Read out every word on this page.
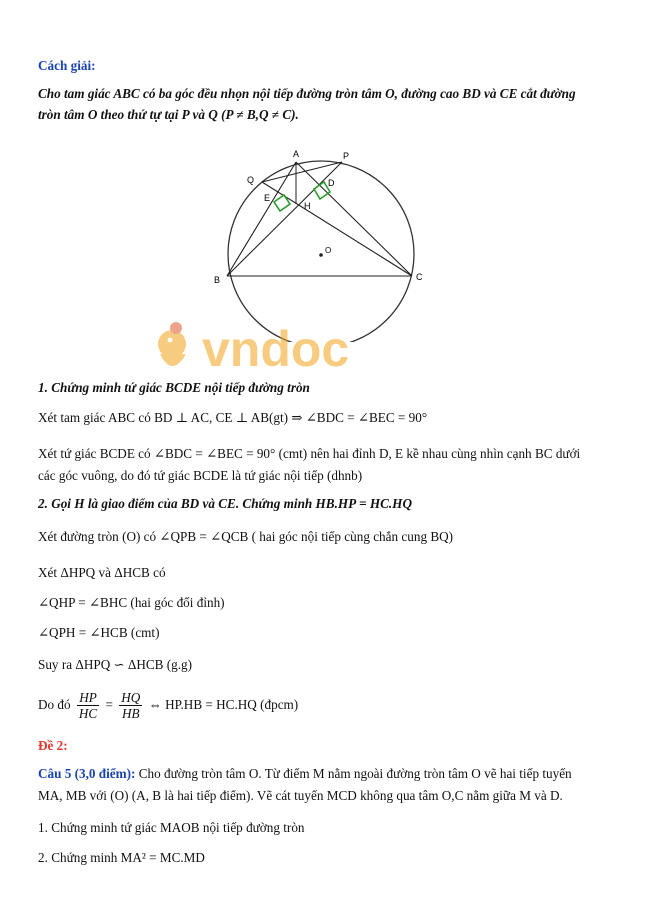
Cách giải:
Cho tam giác ABC có ba góc đều nhọn nội tiếp đường tròn tâm O, đường cao BD và CE cắt đường
tròn tâm O theo thứ tự tại P và Q (P ≠ B,Q ≠ C).
A	P
Q	D
E
H
O
B	C
vndoc
1. Chứng minh tứ giác BCDE nội tiếp đường tròn
Xét tam giác ABC có BD ⊥ AC, CE ⊥ AB(gt) ⇒ ∠BDC = ∠BEC = 90°
Xét tứ giác BCDE có ∠BDC = ∠BEC = 90° (cmt) nên hai đỉnh D, E kề nhau cùng nhìn cạnh BC dưới
các góc vuông, do đó tứ giác BCDE là tứ giác nội tiếp (dhnb)
2. Gọi H là giao điểm của BD và CE. Chứng minh HB.HP = HC.HQ
Xét đường tròn (O) có ∠QPB = ∠QCB ( hai góc nội tiếp cùng chắn cung BQ)
Xét ΔHPQ và ΔHCB có
∠QHP = ∠BHC (hai góc đối đỉnh)
∠QPH = ∠HCB (cmt)
Suy ra ΔHPQ ∽ ΔHCB (g.g)
Do đó $\frac{HP}{HC} = \frac{HQ}{HB}$ ⇔ HP.HB = HC.HQ (đpcm)
Đề 2:
Câu 5 (3,0 điểm): Cho đường tròn tâm O. Từ điểm M nằm ngoài đường tròn tâm O vẽ hai tiếp tuyến
MA, MB với (O) (A, B là hai tiếp điểm). Vẽ cát tuyến MCD không qua tâm O,C nằm giữa M và D.
1. Chứng minh tứ giác MAOB nội tiếp đường tròn
2. Chứng minh MA² = MC.MD
